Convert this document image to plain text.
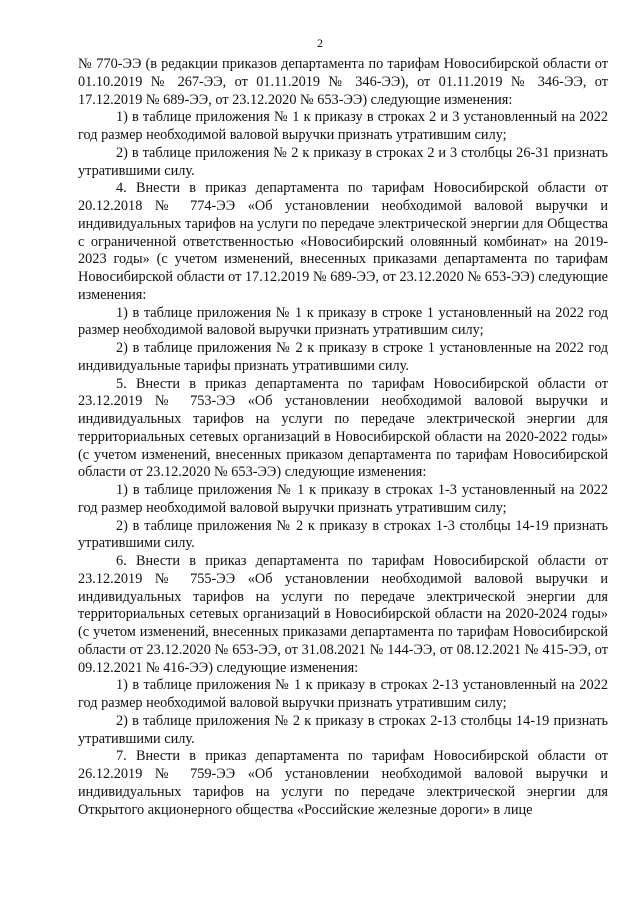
2

№ 770-ЭЭ (в редакции приказов департамента по тарифам Новосибирской области от 01.10.2019 № 267-ЭЭ, от 01.11.2019 № 346-ЭЭ), от 01.11.2019 № 346-ЭЭ, от 17.12.2019 № 689-ЭЭ, от 23.12.2020 № 653-ЭЭ) следующие изменения:

1) в таблице приложения № 1 к приказу в строках 2 и 3 установленный на 2022 год размер необходимой валовой выручки признать утратившим силу;

2) в таблице приложения № 2 к приказу в строках 2 и 3 столбцы 26-31 признать утратившими силу.

4. Внести в приказ департамента по тарифам Новосибирской области от 20.12.2018 № 774-ЭЭ «Об установлении необходимой валовой выручки и индивидуальных тарифов на услуги по передаче электрической энергии для Общества с ограниченной ответственностью «Новосибирский оловянный комбинат» на 2019-2023 годы» (с учетом изменений, внесенных приказами департамента по тарифам Новосибирской области от 17.12.2019 № 689-ЭЭ, от 23.12.2020 № 653-ЭЭ) следующие изменения:

1) в таблице приложения № 1 к приказу в строке 1 установленный на 2022 год размер необходимой валовой выручки признать утратившим силу;

2) в таблице приложения № 2 к приказу в строке 1 установленные на 2022 год индивидуальные тарифы признать утратившими силу.

5. Внести в приказ департамента по тарифам Новосибирской области от 23.12.2019 № 753-ЭЭ «Об установлении необходимой валовой выручки и индивидуальных тарифов на услуги по передаче электрической энергии для территориальных сетевых организаций в Новосибирской области на 2020-2022 годы» (с учетом изменений, внесенных приказом департамента по тарифам Новосибирской области от 23.12.2020 № 653-ЭЭ) следующие изменения:

1) в таблице приложения № 1 к приказу в строках 1-3 установленный на 2022 год размер необходимой валовой выручки признать утратившим силу;

2) в таблице приложения № 2 к приказу в строках 1-3 столбцы 14-19 признать утратившими силу.

6. Внести в приказ департамента по тарифам Новосибирской области от 23.12.2019 № 755-ЭЭ «Об установлении необходимой валовой выручки и индивидуальных тарифов на услуги по передаче электрической энергии для территориальных сетевых организаций в Новосибирской области на 2020-2024 годы» (с учетом изменений, внесенных приказами департамента по тарифам Новосибирской области от 23.12.2020 № 653-ЭЭ, от 31.08.2021 № 144-ЭЭ, от 08.12.2021 № 415-ЭЭ, от 09.12.2021 № 416-ЭЭ) следующие изменения:

1) в таблице приложения № 1 к приказу в строках 2-13 установленный на 2022 год размер необходимой валовой выручки признать утратившим силу;

2) в таблице приложения № 2 к приказу в строках 2-13 столбцы 14-19 признать утратившими силу.

7. Внести в приказ департамента по тарифам Новосибирской области от 26.12.2019 № 759-ЭЭ «Об установлении необходимой валовой выручки и индивидуальных тарифов на услуги по передаче электрической энергии для Открытого акционерного общества «Российские железные дороги» в лице
